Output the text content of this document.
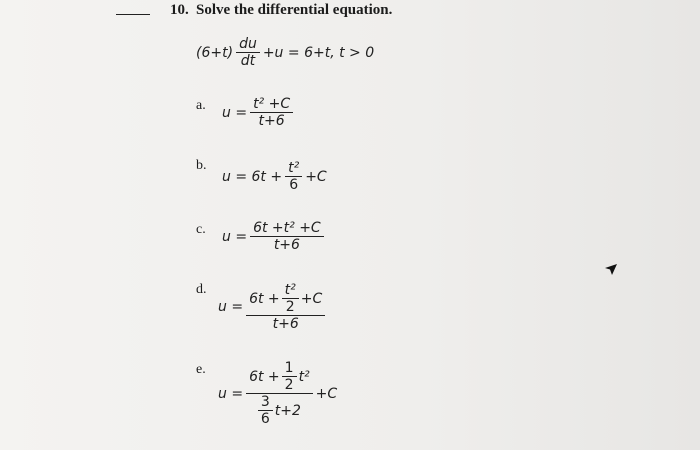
10. Solve the differential equation.
$(6+t) \frac{du}{dt} +u = 6+t$, t > 0
a. $u = \frac{\text{t² +C}}{t+6}$
b.
$u = 6t + \frac{\text{t²}}{6} +C$
c. $u = \frac{\text{6t +t² +C}}{t+6}$
d.
$u = \frac{6t + \frac{\text{t²}}{2} +C}{t+6}$
e.
$u = \frac{6t + \frac{1}{2} t^2}{\frac{3}{6} t+2} +C$
